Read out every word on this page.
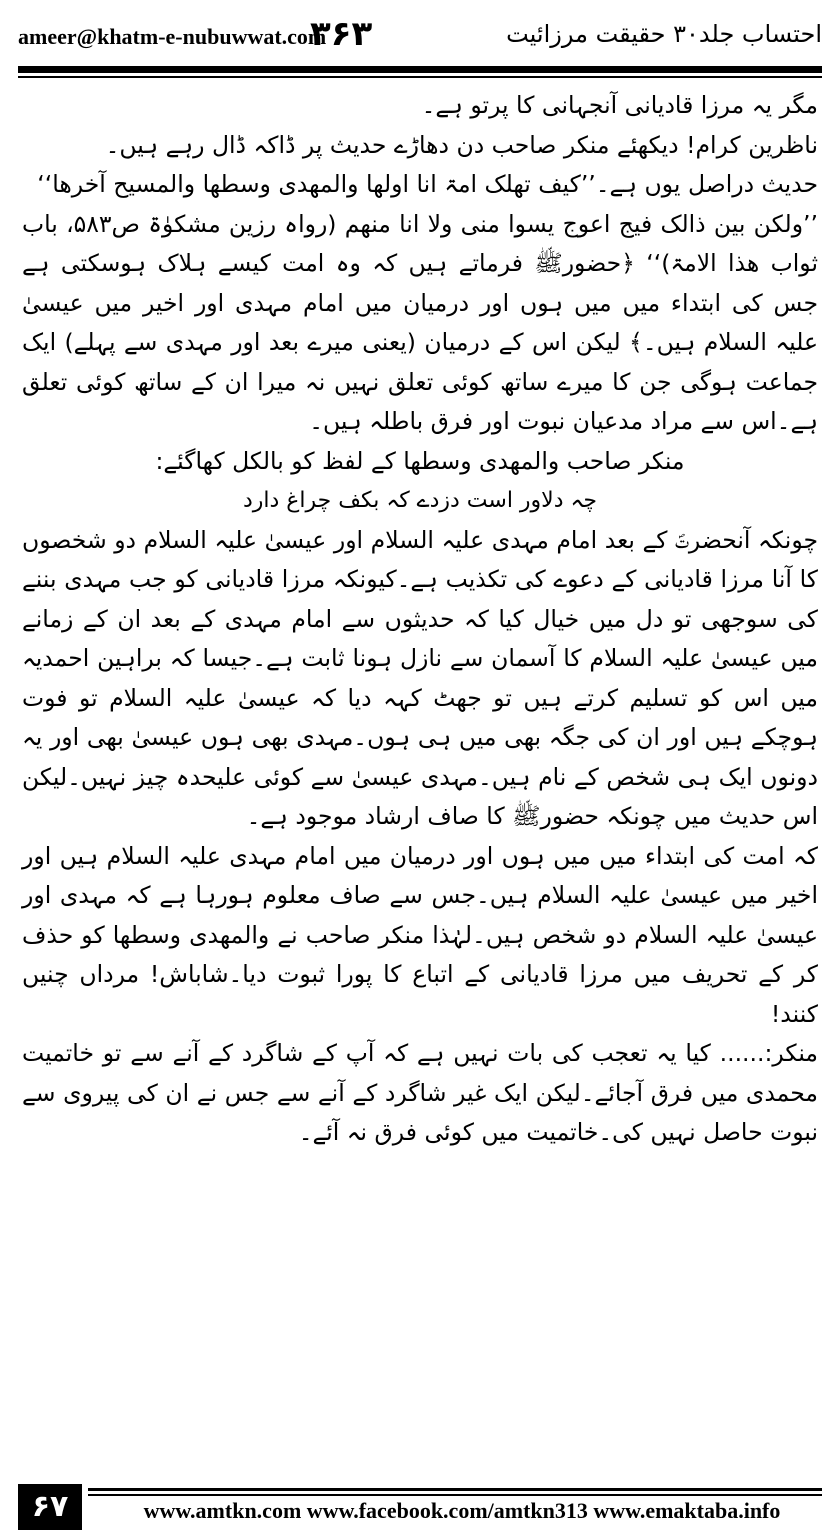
ameer@khatm-e-nubuwwat.com
۳۶۳	احتساب جلد۳۰ حقیقت مرزائیت

مگر یہ مرزا قادیانی آنجہانی کا پرتو ہے۔

ناظرین کرام! دیکھئے منکر صاحب دن دھاڑے حدیث پر ڈاکہ ڈال رہے ہیں۔

حدیث دراصل یوں ہے۔’’کیف تھلک امۃ انا اولھا والمھدی وسطھا والمسیح آخرھا‘‘

’’ولکن بین ذالک فیج اعوج یسوا منی ولا انا منھم (رواہ رزین مشکوٰۃ ص۵۸۳، باب ثواب ھذا الامۃ)‘‘ ﴿حضورﷺ فرماتے ہیں کہ وہ امت کیسے ہلاک ہوسکتی ہے جس کی ابتداء میں میں ہوں اور درمیان میں امام مہدی اور اخیر میں عیسیٰ علیہ السلام ہیں۔﴾ لیکن اس کے درمیان (یعنی میرے بعد اور مہدی سے پہلے) ایک جماعت ہوگی جن کا میرے ساتھ کوئی تعلق نہیں نہ میرا ان کے ساتھ کوئی تعلق ہے۔اس سے مراد مدعیان نبوت اور فرق باطلہ ہیں۔

منکر صاحب والمھدی وسطھا کے لفظ کو بالکل کھاگئے:

چہ دلاور است دزدے کہ بکف چراغ دارد

چونکہ آنحضرتؐ کے بعد امام مہدی علیہ السلام اور عیسیٰ علیہ السلام دو شخصوں کا آنا مرزا قادیانی کے دعوے کی تکذیب ہے۔کیونکہ مرزا قادیانی کو جب مہدی بننے کی سوجھی تو دل میں خیال کیا کہ حدیثوں سے امام مہدی کے بعد ان کے زمانے میں عیسیٰ علیہ السلام کا آسمان سے نازل ہونا ثابت ہے۔جیسا کہ براہین احمدیہ میں اس کو تسلیم کرتے ہیں تو جھٹ کہہ دیا کہ عیسیٰ علیہ السلام تو فوت ہوچکے ہیں اور ان کی جگہ بھی میں ہی ہوں۔مہدی بھی ہوں عیسیٰ بھی اور یہ دونوں ایک ہی شخص کے نام ہیں۔مہدی عیسیٰ سے کوئی علیحدہ چیز نہیں۔لیکن اس حدیث میں چونکہ حضورﷺ کا صاف ارشاد موجود ہے۔

کہ امت کی ابتداء میں میں ہوں اور درمیان میں امام مہدی علیہ السلام ہیں اور اخیر میں عیسیٰ علیہ السلام ہیں۔جس سے صاف معلوم ہورہا ہے کہ مہدی اور عیسیٰ علیہ السلام دو شخص ہیں۔لہٰذا منکر صاحب نے والمھدی وسطھا کو حذف کر کے تحریف میں مرزا قادیانی کے اتباع کا پورا ثبوت دیا۔شاباش! مرداں چنیں کنند!

منکر:...... کیا یہ تعجب کی بات نہیں ہے کہ آپ کے شاگرد کے آنے سے تو خاتمیت محمدی میں فرق آجائے۔لیکن ایک غیر شاگرد کے آنے سے جس نے ان کی پیروی سے نبوت حاصل نہیں کی۔خاتمیت میں کوئی فرق نہ آئے۔

۶۷	www.amtkn.com www.facebook.com/amtkn313 www.emaktaba.info
